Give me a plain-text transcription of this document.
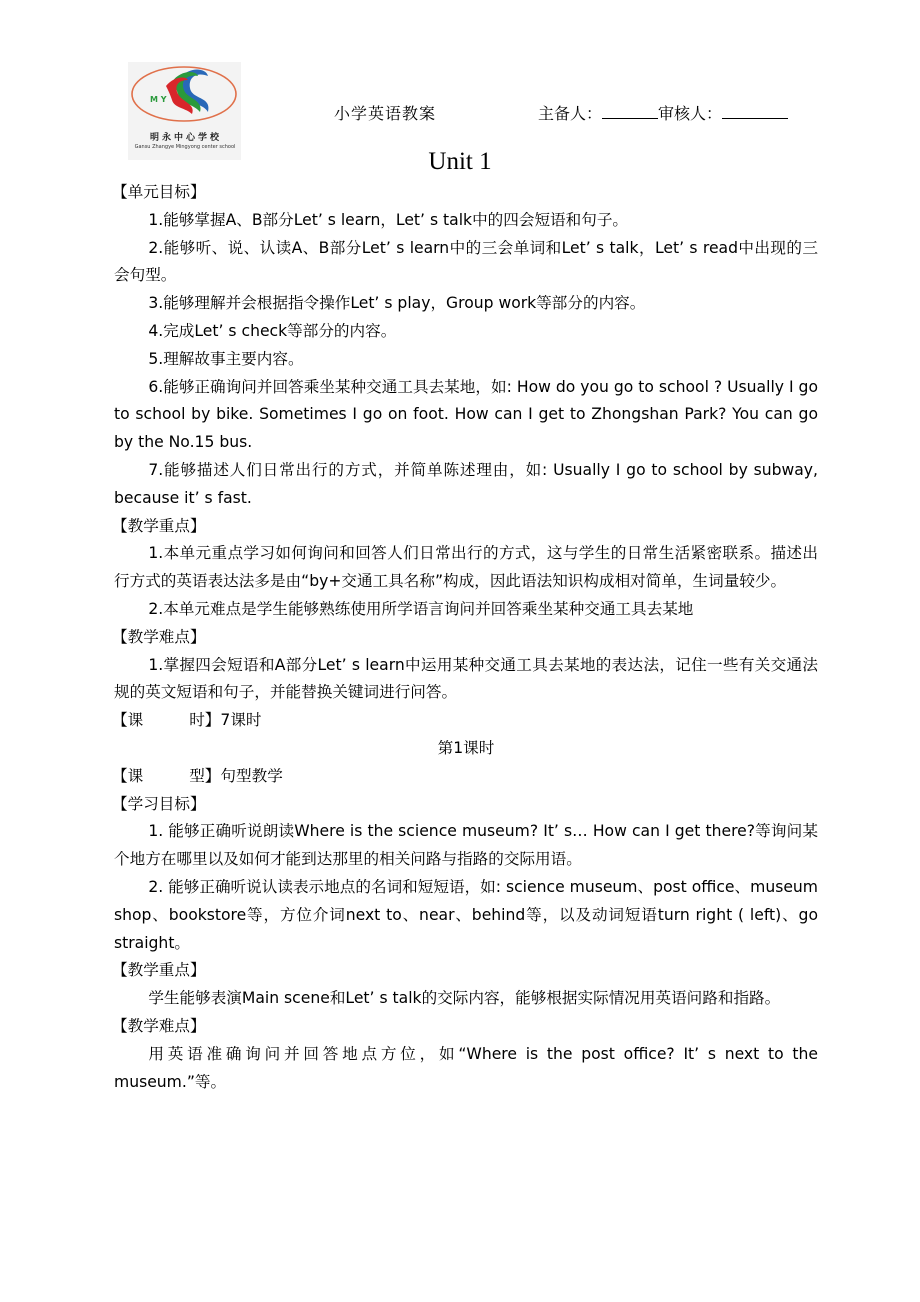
M Y
明永中心学校
Gansu Zhangye Mingyong center school
小学英语教案	主备人：	审核人：
Unit 1

【单元目标】

1.能够掌握A、B部分Let’ s learn，Let’ s talk中的四会短语和句子。

2.能够听、说、认读A、B部分Let’ s learn中的三会单词和Let’ s talk，Let’ s read中出现的三会句型。

3.能够理解并会根据指令操作Let’ s play，Group work等部分的内容。

4.完成Let’ s check等部分的内容。

5.理解故事主要内容。

6.能够正确询问并回答乘坐某种交通工具去某地，如: How do you go to school ? Usually I go to school by bike. Sometimes I go on foot. How can I get to Zhongshan Park? You can go by the No.15 bus.

7.能够描述人们日常出行的方式，并简单陈述理由，如: Usually I go to school by subway, because it’ s fast.

【教学重点】

1.本单元重点学习如何询问和回答人们日常出行的方式，这与学生的日常生活紧密联系。描述出行方式的英语表达法多是由“by+交通工具名称”构成，因此语法知识构成相对简单，生词量较少。

2.本单元难点是学生能够熟练使用所学语言询问并回答乘坐某种交通工具去某地

【教学难点】

1.掌握四会短语和A部分Let’ s learn中运用某种交通工具去某地的表达法，记住一些有关交通法规的英文短语和句子，并能替换关键词进行问答。

【课	时】7课时

第1课时

【课	型】句型教学

【学习目标】

1. 能够正确听说朗读Where is the science museum? It’ s… How can I get there?等询问某个地方在哪里以及如何才能到达那里的相关问路与指路的交际用语。

2. 能够正确听说认读表示地点的名词和短短语，如: science museum、post office、museum shop、bookstore等，方位介词next to、near、behind等，以及动词短语turn right ( left)、go straight。

【教学重点】

学生能够表演Main scene和Let’ s talk的交际内容，能够根据实际情况用英语问路和指路。

【教学难点】

用英语准确询问并回答地点方位，如“Where is the post office? It’ s next to the museum.”等。
